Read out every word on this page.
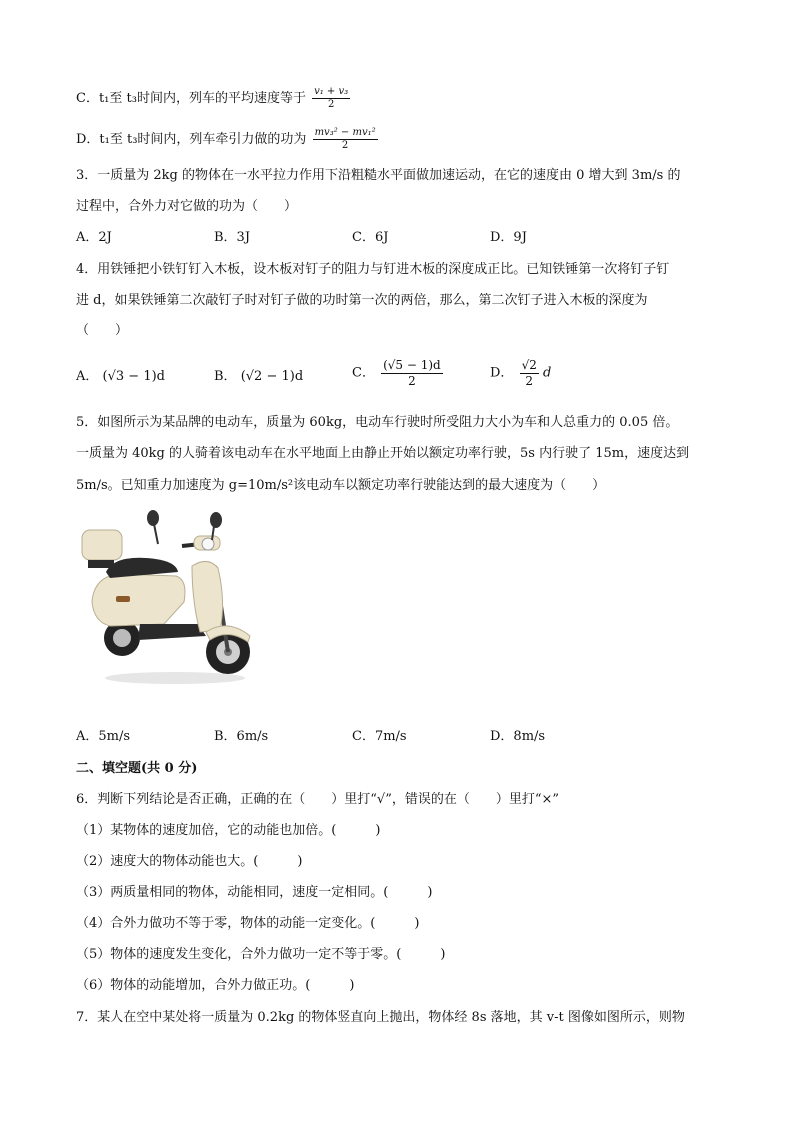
C．t₁至 t₃时间内，列车的平均速度等于 $\frac{\text{v₁ + v₃}}{2}$
D．t₁至 t₃时间内，列车牵引力做的功为 $\frac{\text{mv₃² − mv₁²}}{2}$
3．一质量为 2kg 的物体在一水平拉力作用下沿粗糙水平面做加速运动，在它的速度由 0 增大到 3m/s 的
过程中，合外力对它做的功为（　　）
A．2J	B．3J	C．6J	D．9J
4．用铁锤把小铁钉钉入木板，设木板对钉子的阻力与钉进木板的深度成正比。已知铁锤第一次将钉子钉
进 d，如果铁锤第二次敲钉子时对钉子做的功时第一次的两倍，那么，第二次钉子进入木板的深度为
（　　）
A． (√3 − 1)d	B． (√2 − 1)d	C． $\frac{(√5 - 1)d}{2}$	D． $\frac{√2}{2}$ d
5．如图所示为某品牌的电动车，质量为 60kg，电动车行驶时所受阻力大小为车和人总重力的 0.05 倍。
一质量为 40kg 的人骑着该电动车在水平地面上由静止开始以额定功率行驶，5s 内行驶了 15m，速度达到
5m/s。已知重力加速度为 g=10m/s²该电动车以额定功率行驶能达到的最大速度为（　　）
A．5m/s	B．6m/s	C．7m/s	D．8m/s
二、填空题(共 0 分)
6．判断下列结论是否正确，正确的在（　　）里打“√”，错误的在（　　）里打“×”
（1）某物体的速度加倍，它的动能也加倍。(　　　)
（2）速度大的物体动能也大。(　　　)
（3）两质量相同的物体，动能相同，速度一定相同。(　　　)
（4）合外力做功不等于零，物体的动能一定变化。(　　　)
（5）物体的速度发生变化，合外力做功一定不等于零。(　　　)
（6）物体的动能增加，合外力做正功。(　　　)
7．某人在空中某处将一质量为 0.2kg 的物体竖直向上抛出，物体经 8s 落地，其 v-t 图像如图所示，则物
